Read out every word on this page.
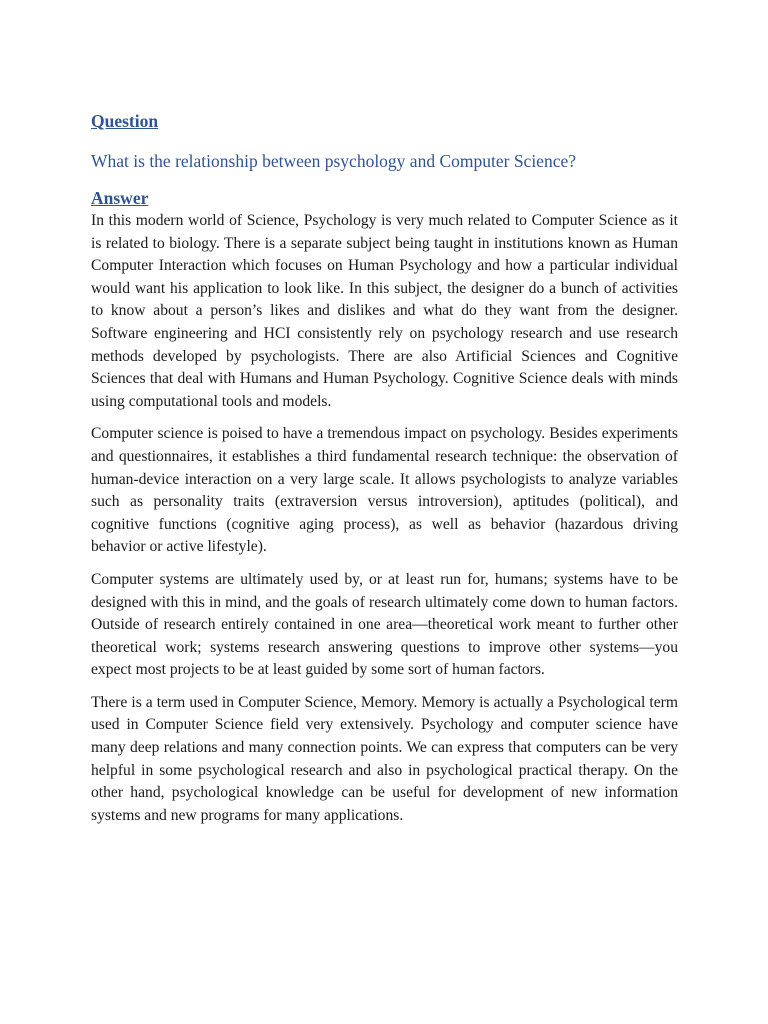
Question

What is the relationship between psychology and Computer Science?

Answer

In this modern world of Science, Psychology is very much related to Computer Science as it is related to biology. There is a separate subject being taught in institutions known as Human Computer Interaction which focuses on Human Psychology and how a particular individual would want his application to look like. In this subject, the designer do a bunch of activities to know about a person’s likes and dislikes and what do they want from the designer. Software engineering and HCI consistently rely on psychology research and use research methods developed by psychologists. There are also Artificial Sciences and Cognitive Sciences that deal with Humans and Human Psychology. Cognitive Science deals with minds using computational tools and models.

Computer science is poised to have a tremendous impact on psychology. Besides experiments and questionnaires, it establishes a third fundamental research technique: the observation of human-device interaction on a very large scale. It allows psychologists to analyze variables such as personality traits (extraversion versus introversion), aptitudes (political), and cognitive functions (cognitive aging process), as well as behavior (hazardous driving behavior or active lifestyle).

Computer systems are ultimately used by, or at least run for, humans; systems have to be designed with this in mind, and the goals of research ultimately come down to human factors. Outside of research entirely contained in one area—theoretical work meant to further other theoretical work; systems research answering questions to improve other systems—you expect most projects to be at least guided by some sort of human factors.

There is a term used in Computer Science, Memory. Memory is actually a Psychological term used in Computer Science field very extensively. Psychology and computer science have many deep relations and many connection points. We can express that computers can be very helpful in some psychological research and also in psychological practical therapy. On the other hand, psychological knowledge can be useful for development of new information systems and new programs for many applications.
